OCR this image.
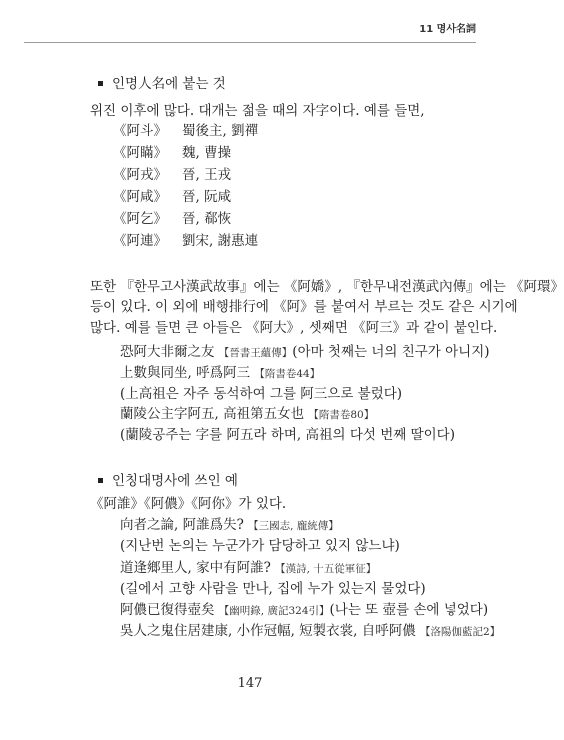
11 명사名詞
인명人名에 붙는 것
위진 이후에 많다. 대개는 젊을 때의 자字이다. 예를 들면,
《阿斗》 蜀後主, 劉禪
《阿瞞》 魏, 曹操
《阿戎》 晉, 王戎
《阿咸》 晉, 阮咸
《阿乞》 晉, 郗恢
《阿連》 劉宋, 謝惠連
또한 『한무고사漢武故事』에는 《阿嬌》, 『한무내전漢武內傳』에는 《阿環》
등이 있다. 이 외에 배행排行에 《阿》를 붙여서 부르는 것도 같은 시기에
많다. 예를 들면 큰 아들은 《阿大》, 셋째면 《阿三》과 같이 붙인다.
恐阿大非爾之友 【晉書王蘊傳】(아마 첫째는 너의 친구가 아니지)
上數與同坐, 呼爲阿三 【隋書卷44】
(上高祖은 자주 동석하여 그를 阿三으로 불렀다)
蘭陵公主字阿五, 高祖第五女也 【隋書卷80】
(蘭陵공주는 字를 阿五라 하며, 高祖의 다섯 번째 딸이다)
인칭대명사에 쓰인 예
《阿誰》《阿儂》《阿你》가 있다.
向者之論, 阿誰爲失? 【三國志, 龐統傳】
(지난번 논의는 누군가가 담당하고 있지 않느냐)
道逢鄉里人, 家中有阿誰? 【漢詩, 十五從軍征】
(길에서 고향 사람을 만나, 집에 누가 있는지 물었다)
阿儂已復得壺矣 【幽明錄, 廣記324引】(나는 또 壺를 손에 넣었다)
吳人之鬼住居建康, 小作冠幅, 短製衣裳, 自呼阿儂 【洛陽伽藍記2】
147
